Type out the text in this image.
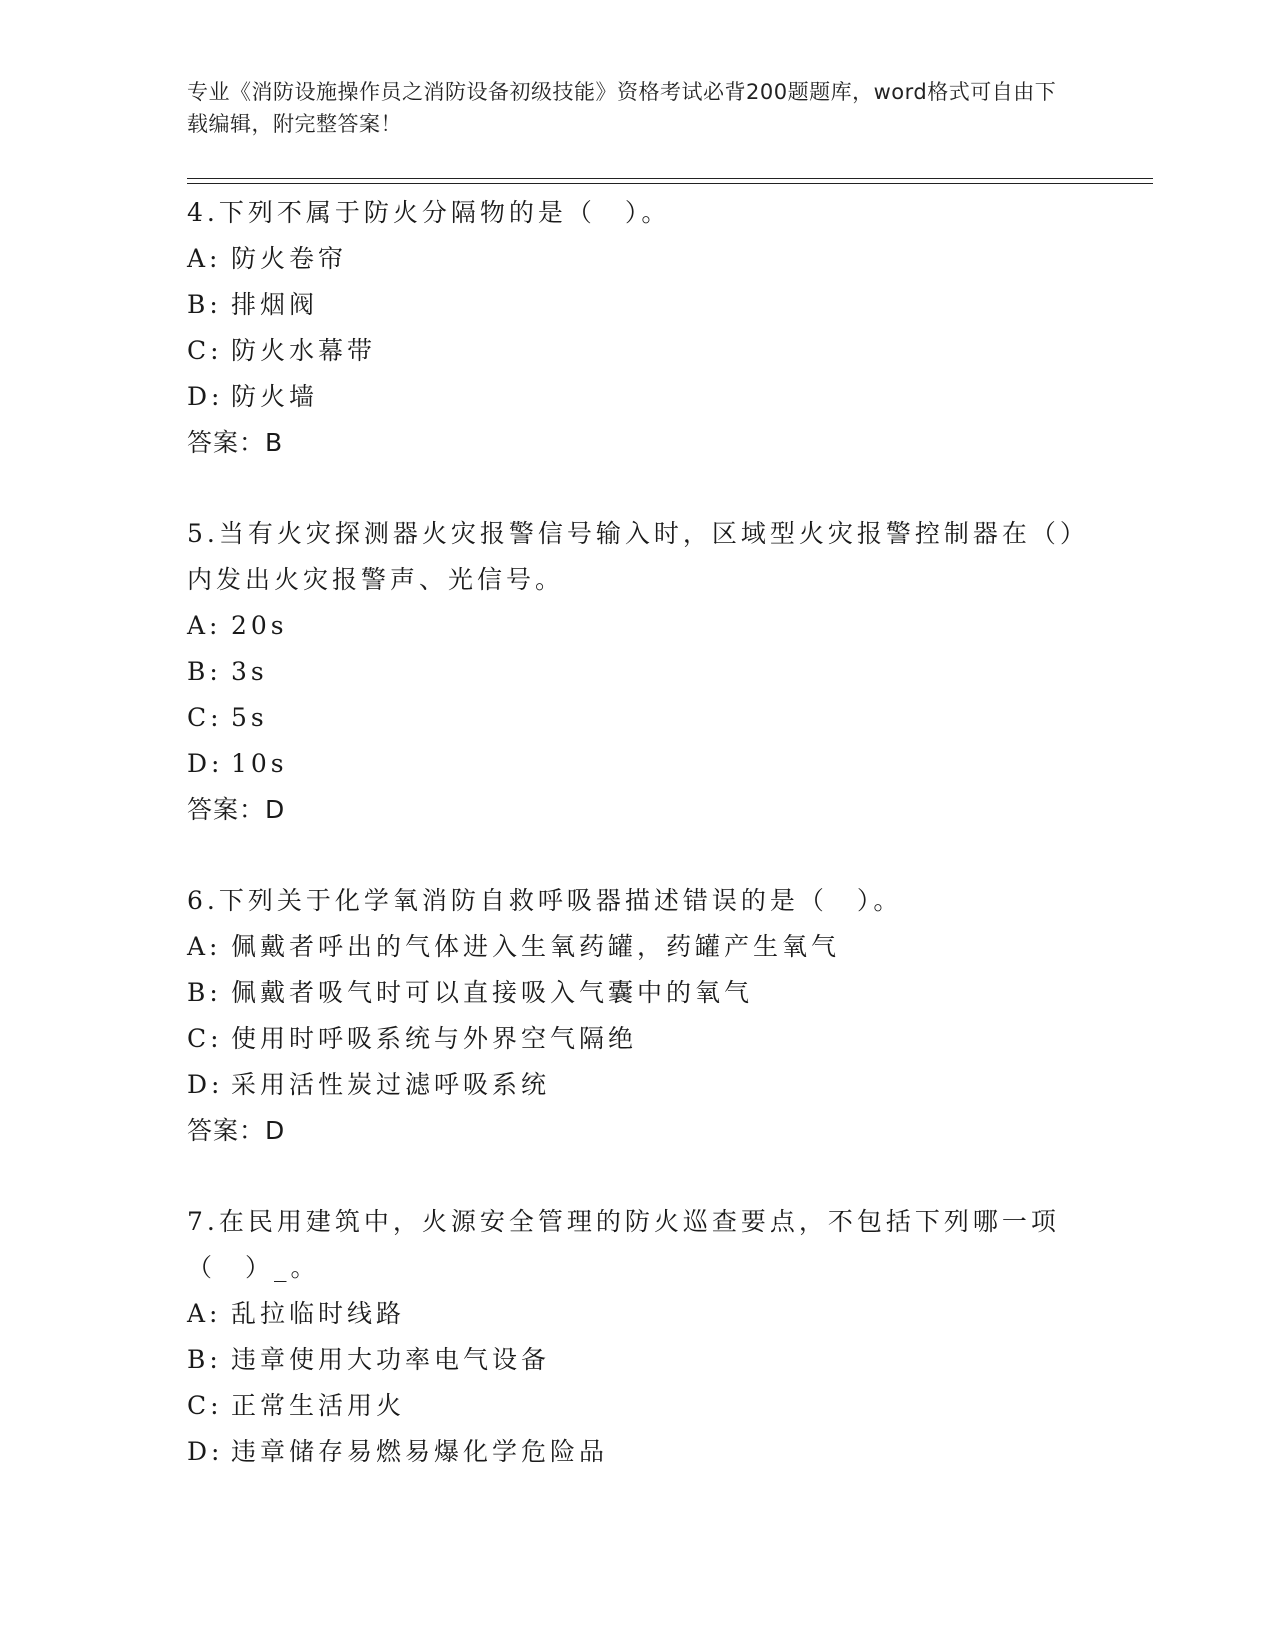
专业《消防设施操作员之消防设备初级技能》资格考试必背200题题库，word格式可自由下载编辑，附完整答案！

4.下列不属于防火分隔物的是（　）。

A: 防火卷帘

B: 排烟阀

C: 防火水幕带

D: 防火墙

答案：B

5.当有火灾探测器火灾报警信号输入时，区域型火灾报警控制器在（）内发出火灾报警声、光信号。

A: 20s

B: 3s

C: 5s

D: 10s

答案：D

6.下列关于化学氧消防自救呼吸器描述错误的是（　）。

A: 佩戴者呼出的气体进入生氧药罐，药罐产生氧气

B: 佩戴者吸气时可以直接吸入气囊中的氧气

C: 使用时呼吸系统与外界空气隔绝

D: 采用活性炭过滤呼吸系统

答案：D

7.在民用建筑中，火源安全管理的防火巡查要点，不包括下列哪一项（　）_。

A: 乱拉临时线路

B: 违章使用大功率电气设备

C: 正常生活用火

D: 违章储存易燃易爆化学危险品
